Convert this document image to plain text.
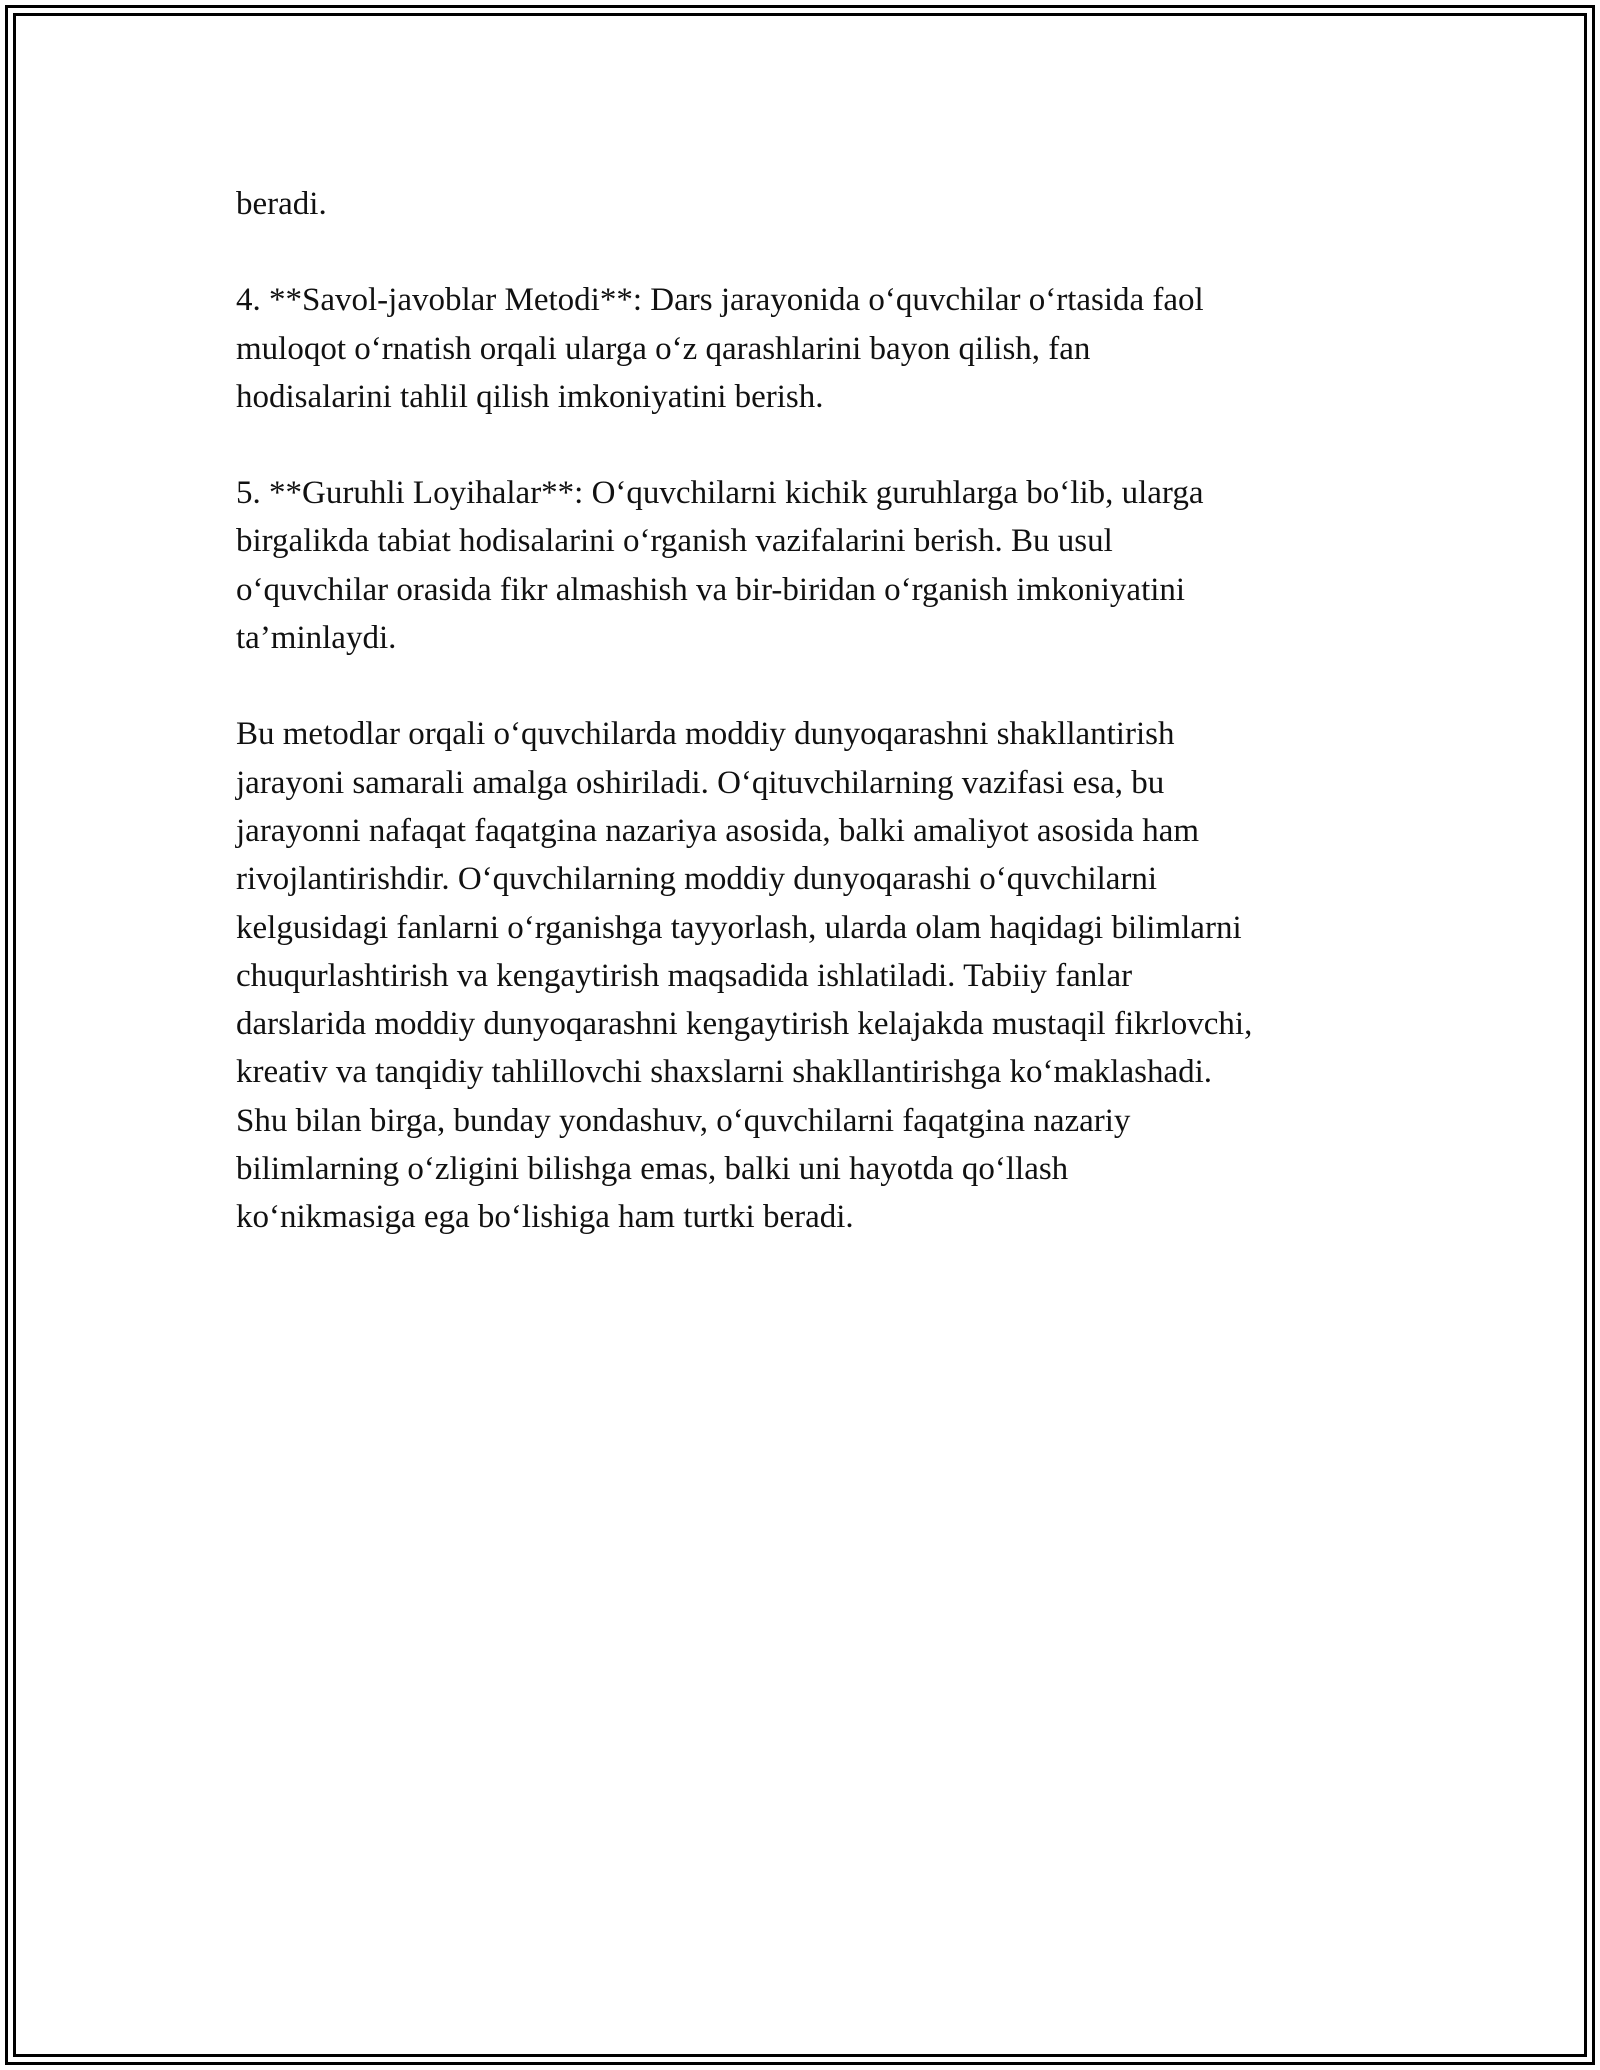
beradi.

4. **Savol-javoblar Metodi**: Dars jarayonida o‘quvchilar o‘rtasida faol
muloqot o‘rnatish orqali ularga o‘z qarashlarini bayon qilish, fan
hodisalarini tahlil qilish imkoniyatini berish.

5. **Guruhli Loyihalar**: O‘quvchilarni kichik guruhlarga bo‘lib, ularga
birgalikda tabiat hodisalarini o‘rganish vazifalarini berish. Bu usul
o‘quvchilar orasida fikr almashish va bir-biridan o‘rganish imkoniyatini
ta’minlaydi.

Bu metodlar orqali o‘quvchilarda moddiy dunyoqarashni shakllantirish
jarayoni samarali amalga oshiriladi. O‘qituvchilarning vazifasi esa, bu
jarayonni nafaqat faqatgina nazariya asosida, balki amaliyot asosida ham
rivojlantirishdir. O‘quvchilarning moddiy dunyoqarashi o‘quvchilarni
kelgusidagi fanlarni o‘rganishga tayyorlash, ularda olam haqidagi bilimlarni
chuqurlashtirish va kengaytirish maqsadida ishlatiladi. Tabiiy fanlar
darslarida moddiy dunyoqarashni kengaytirish kelajakda mustaqil fikrlovchi,
kreativ va tanqidiy tahlillovchi shaxslarni shakllantirishga ko‘maklashadi.
Shu bilan birga, bunday yondashuv, o‘quvchilarni faqatgina nazariy
bilimlarning o‘zligini bilishga emas, balki uni hayotda qo‘llash
ko‘nikmasiga ega bo‘lishiga ham turtki beradi.
